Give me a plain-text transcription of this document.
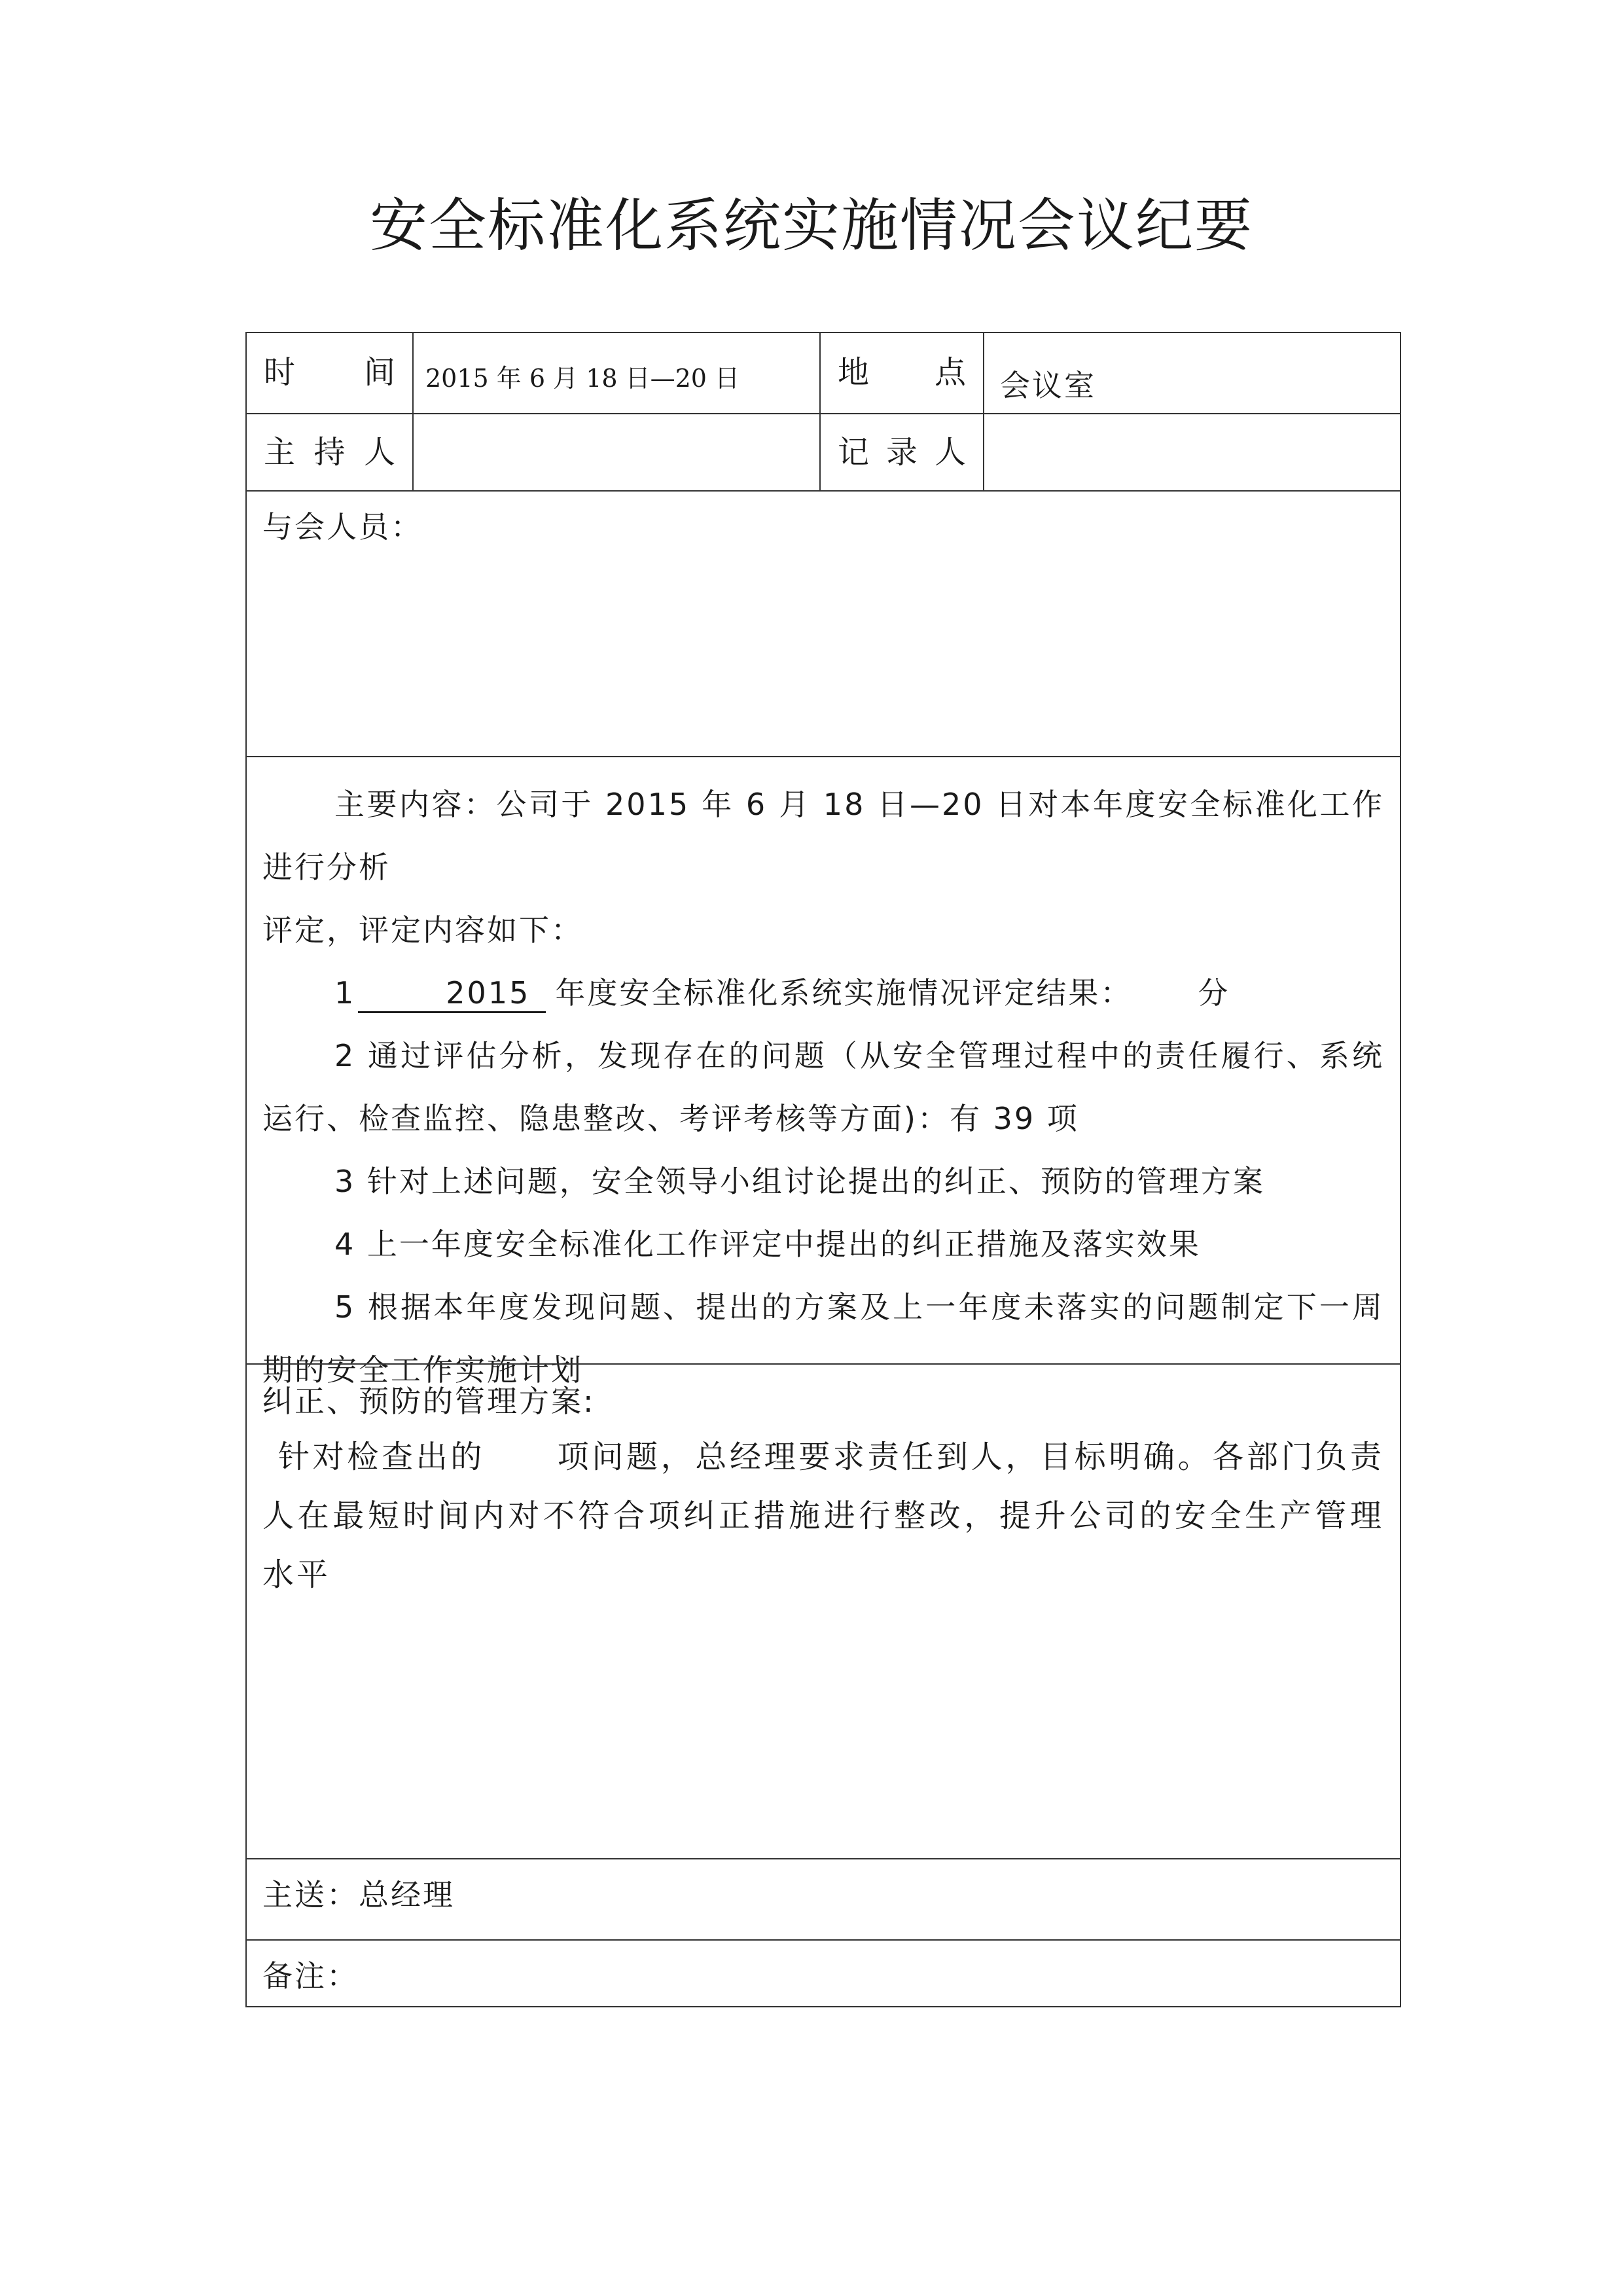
安全标准化系统实施情况会议纪要
时 间 2015 年 6 月 18 日—20 日	地 点 会议室
主 持 人	记 录 人
与会人员：
主要内容：公司于 2015 年 6 月 18 日—20 日对本年度安全标准化工作进行分析
评定，评定内容如下：
1	2015 年度安全标准化系统实施情况评定结果： 分
2 通过评估分析，发现存在的问题（从安全管理过程中的责任履行、系统运行、检查监控、隐患整改、考评考核等方面)：有 39 项
3 针对上述问题，安全领导小组讨论提出的纠正、预防的管理方案
4 上一年度安全标准化工作评定中提出的纠正措施及落实效果
5 根据本年度发现问题、提出的方案及上一年度未落实的问题制定下一周期的安全工作实施计划
纠正、预防的管理方案:
针对检查出的 项问题，总经理要求责任到人，目标明确。各部门负责人在最短时间内对不符合项纠正措施进行整改，提升公司的安全生产管理水平
主送：总经理
备注：
